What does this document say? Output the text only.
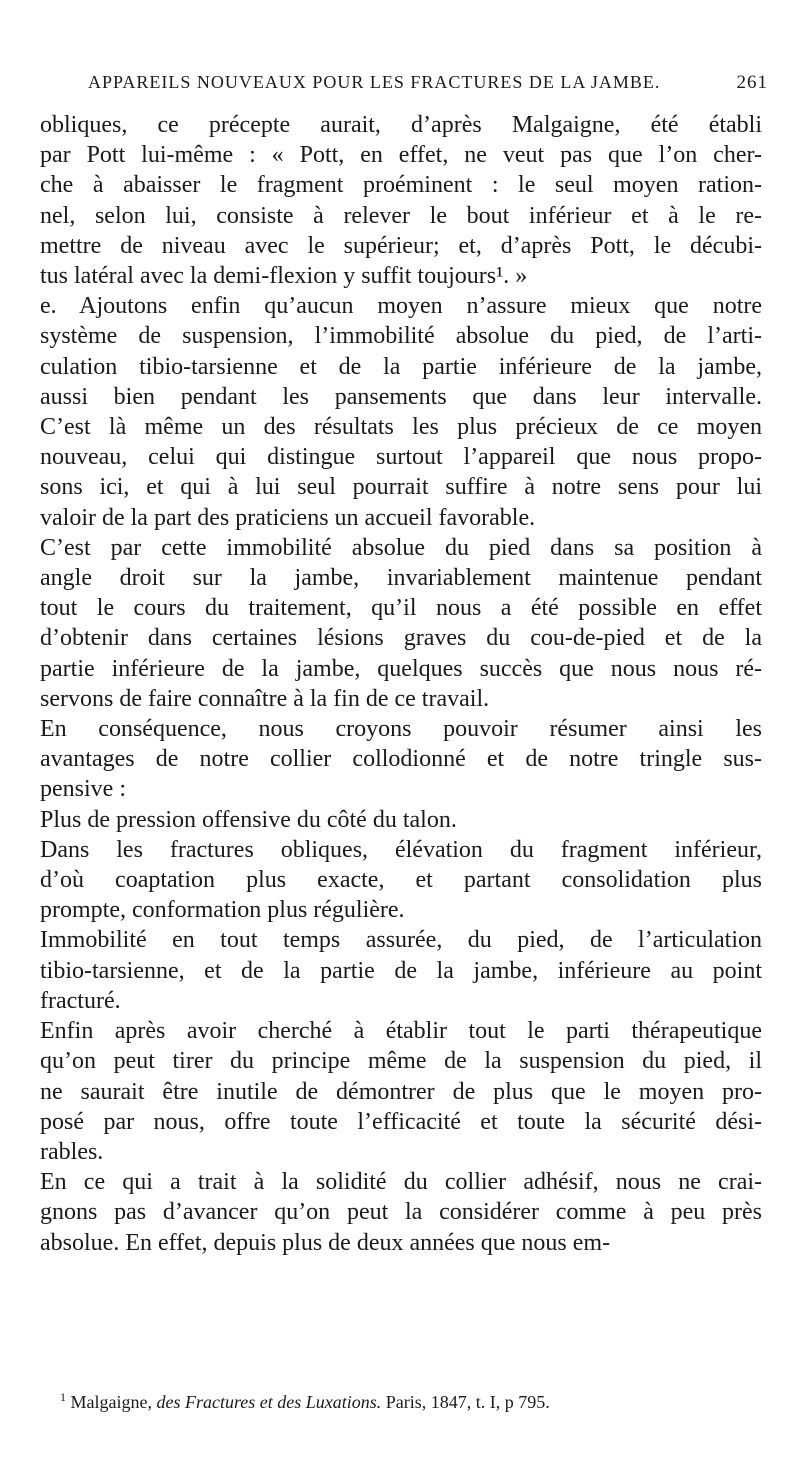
APPAREILS NOUVEAUX POUR LES FRACTURES DE LA JAMBE.	261
obliques, ce précepte aurait, d’après Malgaigne, été établi
par Pott lui-même : « Pott, en effet, ne veut pas que l’on cher-
che à abaisser le fragment proéminent : le seul moyen ration-
nel, selon lui, consiste à relever le bout inférieur et à le re-
mettre de niveau avec le supérieur; et, d’après Pott, le décubi-
tus latéral avec la demi-flexion y suffit toujours¹. »
e. Ajoutons enfin qu’aucun moyen n’assure mieux que notre
système de suspension, l’immobilité absolue du pied, de l’arti-
culation tibio-tarsienne et de la partie inférieure de la jambe,
aussi bien pendant les pansements que dans leur intervalle.
C’est là même un des résultats les plus précieux de ce moyen
nouveau, celui qui distingue surtout l’appareil que nous propo-
sons ici, et qui à lui seul pourrait suffire à notre sens pour lui
valoir de la part des praticiens un accueil favorable.
C’est par cette immobilité absolue du pied dans sa position à
angle droit sur la jambe, invariablement maintenue pendant
tout le cours du traitement, qu’il nous a été possible en effet
d’obtenir dans certaines lésions graves du cou-de-pied et de la
partie inférieure de la jambe, quelques succès que nous nous ré-
servons de faire connaître à la fin de ce travail.
En conséquence, nous croyons pouvoir résumer ainsi les
avantages de notre collier collodionné et de notre tringle sus-
pensive :
Plus de pression offensive du côté du talon.
Dans les fractures obliques, élévation du fragment inférieur,
d’où coaptation plus exacte, et partant consolidation plus
prompte, conformation plus régulière.
Immobilité en tout temps assurée, du pied, de l’articulation
tibio-tarsienne, et de la partie de la jambe, inférieure au point
fracturé.
Enfin après avoir cherché à établir tout le parti thérapeutique
qu’on peut tirer du principe même de la suspension du pied, il
ne saurait être inutile de démontrer de plus que le moyen pro-
posé par nous, offre toute l’efficacité et toute la sécurité dési-
rables.
En ce qui a trait à la solidité du collier adhésif, nous ne crai-
gnons pas d’avancer qu’on peut la considérer comme à peu près
absolue. En effet, depuis plus de deux années que nous em-
$^1$ Malgaigne, des Fractures et des Luxations. Paris, 1847, t. I, p 795.
